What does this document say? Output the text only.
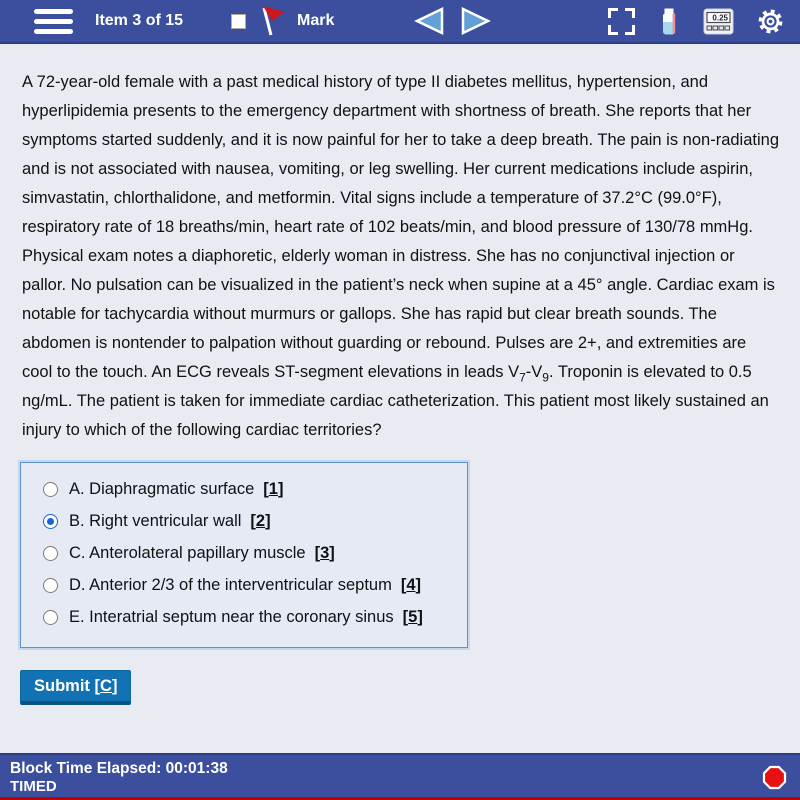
Item 3 of 15	Mark	0.25
A 72-year-old female with a past medical history of type II diabetes mellitus, hypertension, and hyperlipidemia presents to the emergency department with shortness of breath. She reports that her symptoms started suddenly, and it is now painful for her to take a deep breath. The pain is non-radiating and is not associated with nausea, vomiting, or leg swelling. Her current medications include aspirin, simvastatin, chlorthalidone, and metformin. Vital signs include a temperature of 37.2°C (99.0°F), respiratory rate of 18 breaths/min, heart rate of 102 beats/min, and blood pressure of 130/78 mmHg. Physical exam notes a diaphoretic, elderly woman in distress. She has no conjunctival injection or pallor. No pulsation can be visualized in the patient’s neck when supine at a 45° angle. Cardiac exam is notable for tachycardia without murmurs or gallops. She has rapid but clear breath sounds. The abdomen is nontender to palpation without guarding or rebound. Pulses are 2+, and extremities are cool to the touch. An ECG reveals ST-segment elevations in leads $V_7-V_9$. Troponin is elevated to 0.5 ng/mL. The patient is taken for immediate cardiac catheterization. This patient most likely sustained an injury to which of the following cardiac territories?
A. Diaphragmatic surface [1]
B. Right ventricular wall [2]
C. Anterolateral papillary muscle [3]
D. Anterior 2/3 of the interventricular septum [4]
E. Interatrial septum near the coronary sinus [5]
Submit [C]
Block Time Elapsed: 00:01:38
TIMED
